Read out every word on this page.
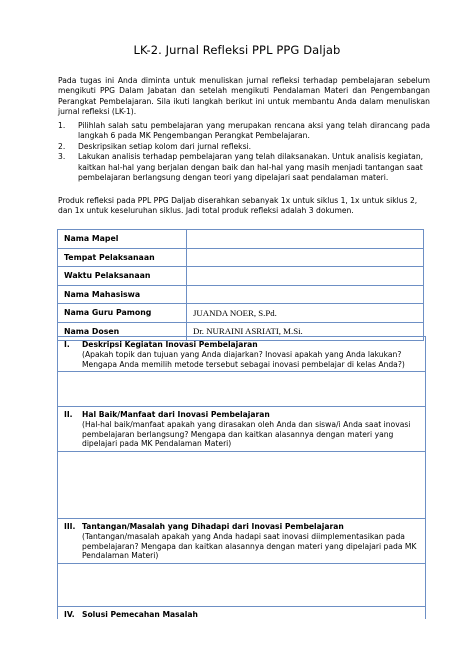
LK-2. Jurnal Refleksi PPL PPG Daljab
Pada tugas ini Anda diminta untuk menuliskan jurnal refleksi terhadap pembelajaran sebelum mengikuti PPG Dalam Jabatan dan setelah mengikuti Pendalaman Materi dan Pengembangan Perangkat Pembelajaran. Sila ikuti langkah berikut ini untuk membantu Anda dalam menuliskan jurnal refleksi (LK-1).
1.	Pilihlah salah satu pembelajaran yang merupakan rencana aksi yang telah dirancang pada langkah 6 pada MK Pengembangan Perangkat Pembelajaran.
2.	Deskripsikan setiap kolom dari jurnal refleksi.
3.	Lakukan analisis terhadap pembelajaran yang telah dilaksanakan. Untuk analisis kegiatan, kaitkan hal-hal yang berjalan dengan baik dan hal-hal yang masih menjadi tantangan saat pembelajaran berlangsung dengan teori yang dipelajari saat pendalaman materi.
Produk refleksi pada PPL PPG Daljab diserahkan sebanyak 1x untuk siklus 1, 1x untuk siklus 2, dan 1x untuk keseluruhan siklus. Jadi total produk refleksi adalah 3 dokumen.
Nama Mapel	
Tempat Pelaksanaan	
Waktu Pelaksanaan	
Nama Mahasiswa	
Nama Guru Pamong	JUANDA NOER, S.Pd.
Nama Dosen	Dr. NURAINI ASRIATI, M.Si.
I.	Deskripsi Kegiatan Inovasi Pembelajaran
(Apakah topik dan tujuan yang Anda diajarkan? Inovasi apakah yang Anda lakukan? Mengapa Anda memilih metode tersebut sebagai inovasi pembelajar di kelas Anda?)
II.	Hal Baik/Manfaat dari Inovasi Pembelajaran
(Hal-hal baik/manfaat apakah yang dirasakan oleh Anda dan siswa/i Anda saat inovasi pembelajaran berlangsung? Mengapa dan kaitkan alasannya dengan materi yang dipelajari pada MK Pendalaman Materi)
III. Tantangan/Masalah yang Dihadapi dari Inovasi Pembelajaran
(Tantangan/masalah apakah yang Anda hadapi saat inovasi diimplementasikan pada pembelajaran? Mengapa dan kaitkan alasannya dengan materi yang dipelajari pada MK Pendalaman Materi)
IV. Solusi Pemecahan Masalah
